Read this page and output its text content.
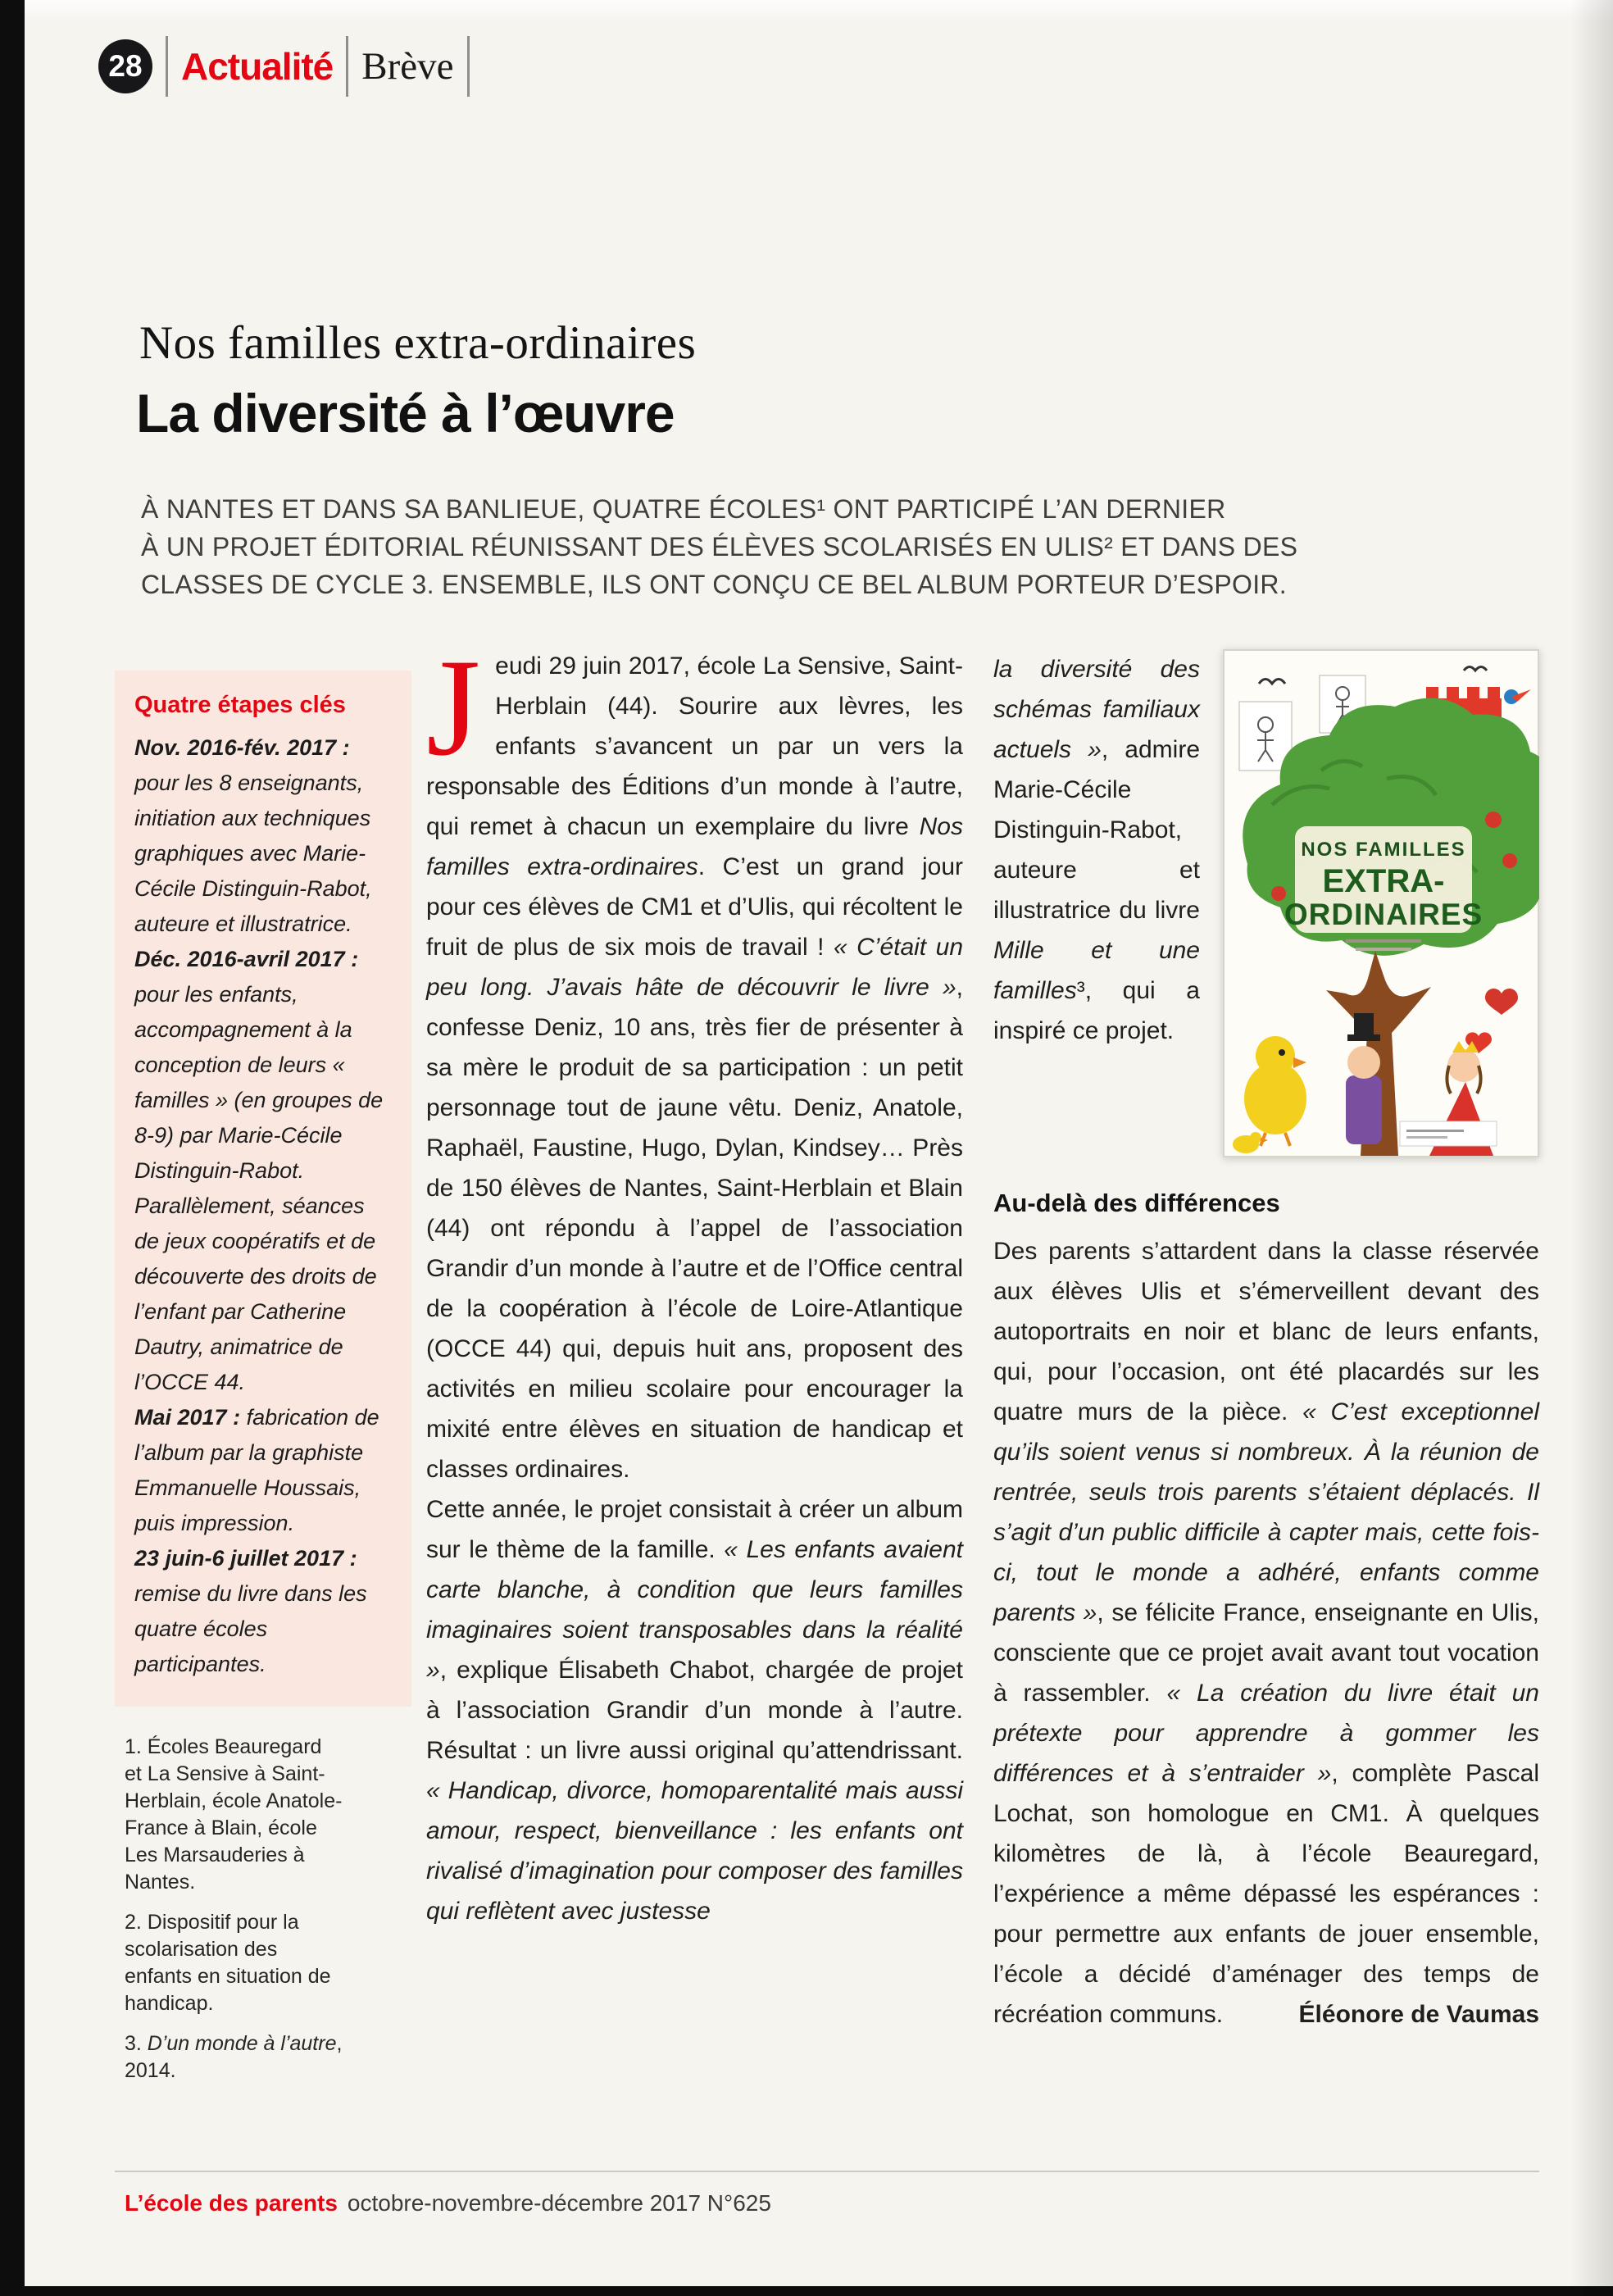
28 Actualité Brève
Nos familles extra-ordinaires
La diversité à l’œuvre
À NANTES ET DANS SA BANLIEUE, QUATRE ÉCOLES¹ ONT PARTICIPÉ L’AN DERNIER
À UN PROJET ÉDITORIAL RÉUNISSANT DES ÉLÈVES SCOLARISÉS EN ULIS² ET DANS DES
CLASSES DE CYCLE 3. ENSEMBLE, ILS ONT CONÇU CE BEL ALBUM PORTEUR D’ESPOIR.

Quatre étapes clés

Nov. 2016-fév. 2017 : pour les 8 enseignants, initiation aux techniques graphiques avec Marie-Cécile Distinguin-Rabot, auteure et illustratrice.

Déc. 2016-avril 2017 : pour les enfants, accompagnement à la conception de leurs « familles » (en groupes de 8-9) par Marie-Cécile Distinguin-Rabot. Parallèlement, séances de jeux coopératifs et de découverte des droits de l’enfant par Catherine Dautry, animatrice de l’OCCE 44.

Mai 2017 : fabrication de l’album par la graphiste Emmanuelle Houssais, puis impression.

23 juin-6 juillet 2017 : remise du livre dans les quatre écoles participantes.

1. Écoles Beauregard et La Sensive à Saint-Herblain, école Anatole-France à Blain, école Les Marsauderies à Nantes.

2. Dispositif pour la scolarisation des enfants en situation de handicap.

3. D’un monde à l’autre, 2014.

Jeudi 29 juin 2017, école La Sensive, Saint-Herblain (44). Sourire aux lèvres, les enfants s’avancent un par un vers la responsable des Éditions d’un monde à l’autre, qui remet à chacun un exemplaire du livre Nos familles extra-ordinaires. C’est un grand jour pour ces élèves de CM1 et d’Ulis, qui récoltent le fruit de plus de six mois de travail ! « C’était un peu long. J’avais hâte de découvrir le livre », confesse Deniz, 10 ans, très fier de présenter à sa mère le produit de sa participation : un petit personnage tout de jaune vêtu. Deniz, Anatole, Raphaël, Faustine, Hugo, Dylan, Kindsey… Près de 150 élèves de Nantes, Saint-Herblain et Blain (44) ont répondu à l’appel de l’association Grandir d’un monde à l’autre et de l’Office central de la coopération à l’école de Loire-Atlantique (OCCE 44) qui, depuis huit ans, proposent des activités en milieu scolaire pour encourager la mixité entre élèves en situation de handicap et classes ordinaires.

Cette année, le projet consistait à créer un album sur le thème de la famille. « Les enfants avaient carte blanche, à condition que leurs familles imaginaires soient transposables dans la réalité », explique Élisabeth Chabot, chargée de projet à l’association Grandir d’un monde à l’autre. Résultat : un livre aussi original qu’attendrissant. « Handicap, divorce, homoparentalité mais aussi amour, respect, bienveillance : les enfants ont rivalisé d’imagination pour composer des familles qui reflètent avec justesse

la diversité des schémas familiaux actuels », admire Marie-Cécile Distinguin-Rabot, auteure et illustratrice du livre Mille et une familles³, qui a inspiré ce projet.

NOS FAMILLES
EXTRA-
ORDINAIRES

Au-delà des différences

Des parents s’attardent dans la classe réservée aux élèves Ulis et s’émerveillent devant des autoportraits en noir et blanc de leurs enfants, qui, pour l’occasion, ont été placardés sur les quatre murs de la pièce. « C’est exceptionnel qu’ils soient venus si nombreux. À la réunion de rentrée, seuls trois parents s’étaient déplacés. Il s’agit d’un public difficile à capter mais, cette fois-ci, tout le monde a adhéré, enfants comme parents », se félicite France, enseignante en Ulis, consciente que ce projet avait avant tout vocation à rassembler. « La création du livre était un prétexte pour apprendre à gommer les différences et à s’entraider », complète Pascal Lochat, son homologue en CM1. À quelques kilomètres de là, à l’école Beauregard, l’expérience a même dépassé les espérances : pour permettre aux enfants de jouer ensemble, l’école a décidé d’aménager des temps de récréation communs.	Éléonore de Vaumas

L’école des parents octobre-novembre-décembre 2017 N°625
